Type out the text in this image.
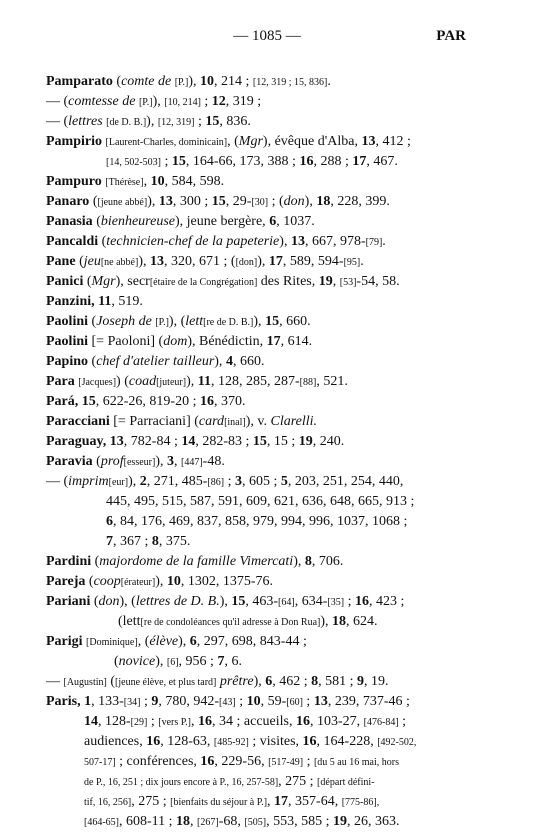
— 1085 —	PAR
Pamparato (comte de [P.]), 10, 214 ; [12, 319 ; 15, 836].
— (comtesse de [P.]), [10, 214] ; 12, 319 ;
— (lettres [de D. B.]), [12, 319] ; 15, 836.
Pampirio [Laurent-Charles, dominicain], (Mgr), évêque d'Alba, 13, 412 ;
[14, 502-503] ; 15, 164-66, 173, 388 ; 16, 288 ; 17, 467.
Pampuro [Thérèse], 10, 584, 598.
Panaro ([jeune abbé]), 13, 300 ; 15, 29-[30] ; (don), 18, 228, 399.
Panasia (bienheureuse), jeune bergère, 6, 1037.
Pancaldi (technicien-chef de la papeterie), 13, 667, 978-[79].
Pane (jeu[ne abbé]), 13, 320, 671 ; ([don]), 17, 589, 594-[95].
Panici (Mgr), secr[étaire de la Congrégation] des Rites, 19, [53]-54, 58.
Panzini, 11, 519.
Paolini (Joseph de [P.]), (lett[re de D. B.]), 15, 660.
Paolini [= Paoloni] (dom), Bénédictin, 17, 614.
Papino (chef d'atelier tailleur), 4, 660.
Para [Jacques]) (coad[juteur]), 11, 128, 285, 287-[88], 521.
Pará, 15, 622-26, 819-20 ; 16, 370.
Paracciani [= Parraciani] (card[inal]), v. Clarelli.
Paraguay, 13, 782-84 ; 14, 282-83 ; 15, 15 ; 19, 240.
Paravia (prof[esseur]), 3, [447]-48.
— (imprim[eur]), 2, 271, 485-[86] ; 3, 605 ; 5, 203, 251, 254, 440,
445, 495, 515, 587, 591, 609, 621, 636, 648, 665, 913 ;
6, 84, 176, 469, 837, 858, 979, 994, 996, 1037, 1068 ;
7, 367 ; 8, 375.
Pardini (majordome de la famille Vimercati), 8, 706.
Pareja (coop[érateur]), 10, 1302, 1375-76.
Pariani (don), (lettres de D. B.), 15, 463-[64], 634-[35] ; 16, 423 ;
(lett[re de condoléances qu'il adresse à Don Rua]), 18, 624.
Parigi [Dominique], (élève), 6, 297, 698, 843-44 ;
(novice), [6], 956 ; 7, 6.
— [Augustin] ([jeune élève, et plus tard] prêtre), 6, 462 ; 8, 581 ; 9, 19.
Paris, 1, 133-[34] ; 9, 780, 942-[43] ; 10, 59-[60] ; 13, 239, 737-46 ;
14, 128-[29] ; [vers P.], 16, 34 ; accueils, 16, 103-27, [476-84] ;
audiences, 16, 128-63, [485-92] ; visites, 16, 164-228, [492-502,
507-17] ; conférences, 16, 229-56, [517-49] ; [du 5 au 16 mai, hors
de P., 16, 251 ; dix jours encore à P., 16, 257-58], 275 ; [départ défini-
tif, 16, 256], 275 ; [bienfaits du séjour à P.], 17, 357-64, [775-86],
[464-65], 608-11 ; 18, [267]-68, [505], 553, 585 ; 19, 26, 363.
